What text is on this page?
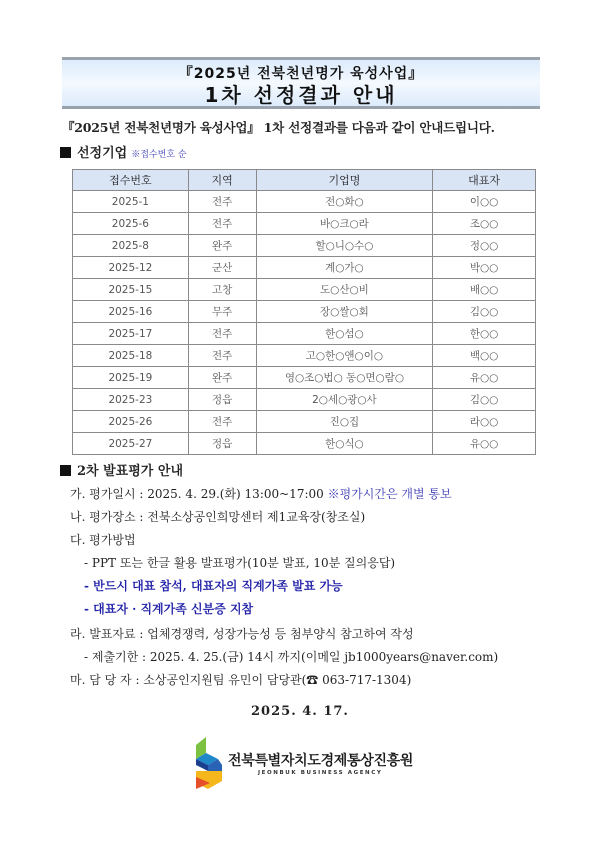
『2025년 전북천년명가 육성사업』
1차 선정결과 안내
『2025년 전북천년명가 육성사업』 1차 선정결과를 다음과 같이 안내드립니다.
선정기업 ※접수번호 순
접수번호	지역	기업명	대표자
2025-1	전주	전○화○	이○○
2025-6	전주	바○크○라	조○○
2025-8	완주	할○니○수○	정○○
2025-12	군산	계○가○	박○○
2025-15	고창	도○산○비	배○○
2025-16	무주	장○쌀○회	김○○
2025-17	전주	한○섬○	한○○
2025-18	전주	고○한○앤○이○	백○○
2025-19	완주	영○조○법○ 동○면○람○	유○○
2025-23	정읍	2○세○광○사	김○○
2025-26	전주	진○집	라○○
2025-27	정읍	한○식○	유○○
2차 발표평가 안내
가. 평가일시 : 2025. 4. 29.(화) 13:00~17:00 ※평가시간은 개별 통보
나. 평가장소 : 전북소상공인희망센터 제1교육장(창조실)
다. 평가방법
- PPT 또는 한글 활용 발표평가(10분 발표, 10분 질의응답)
- 반드시 대표 참석, 대표자의 직계가족 발표 가능
- 대표자 · 직계가족 신분증 지참
라. 발표자료 : 업체경쟁력, 성장가능성 등 첨부양식 참고하여 작성
- 제출기한 : 2025. 4. 25.(금) 14시 까지(이메일 jb1000years@naver.com)
마. 담 당 자 : 소상공인지원팀 유민이 담당관(☎ 063-717-1304)
2025. 4. 17.
전북특별자치도경제통상진흥원
JEONBUK BUSINESS AGENCY
